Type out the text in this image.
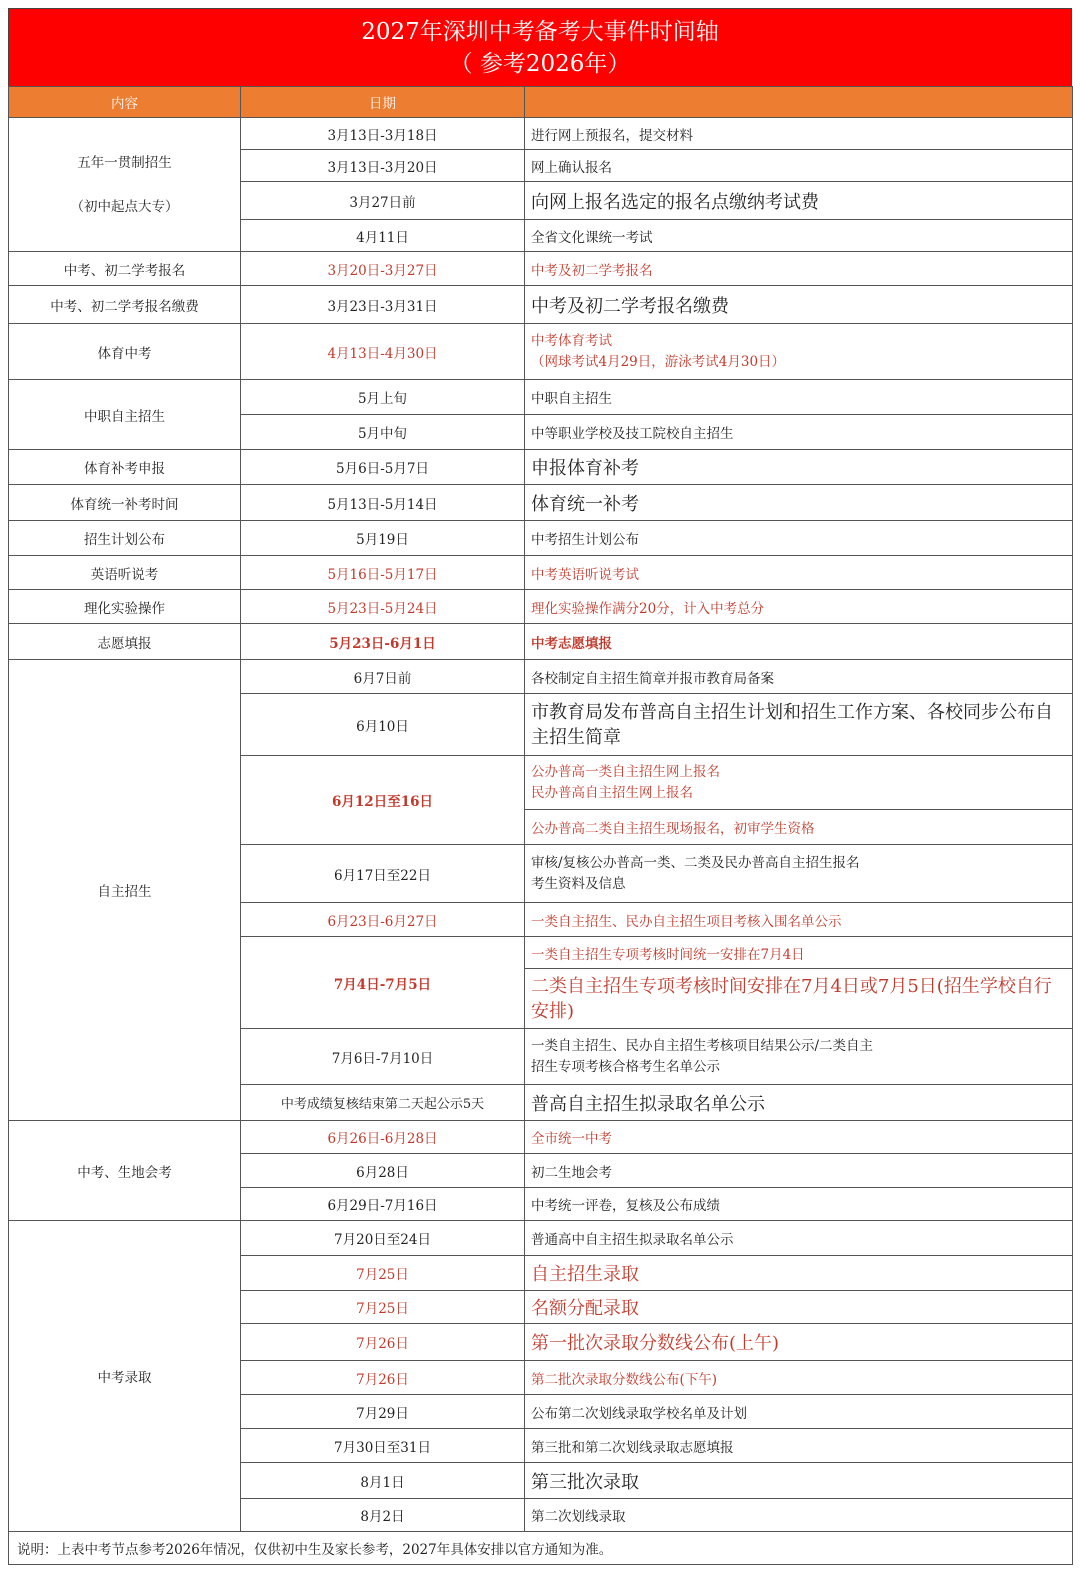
2027年深圳中考备考大事件时间轴
（ 参考2026年）
内容	日期	

五年一贯制招生
（初中起点大专）	3月13日-3月18日	进行网上预报名，提交材料
	3月13日-3月20日	网上确认报名
	3月27日前	向网上报名选定的报名点缴纳考试费
	4月11日	全省文化课统一考试
中考、初二学考报名	3月20日-3月27日	中考及初二学考报名
中考、初二学考报名缴费	3月23日-3月31日	中考及初二学考报名缴费
体育中考	4月13日-4月30日	中考体育考试
（网球考试4月29日，游泳考试4月30日）

中职自主招生	5月上旬	中职自主招生
	5月中旬	中等职业学校及技工院校自主招生
体育补考申报	5月6日-5月7日	申报体育补考
体育统一补考时间	5月13日-5月14日	体育统一补考
招生计划公布	5月19日	中考招生计划公布
英语听说考	5月16日-5月17日	中考英语听说考试
理化实验操作	5月23日-5月24日	理化实验操作满分20分，计入中考总分
志愿填报	5月23日-6月1日	中考志愿填报
自主招生	6月7日前	各校制定自主招生简章并报市教育局备案
	6月10日	市教育局发布普高自主招生计划和招生工作方案、各校同步公布自主招生简章
	6月12日至16日	公办普高一类自主招生网上报名
民办普高自主招生网上报名

		公办普高二类自主招生现场报名，初审学生资格
	6月17日至22日	审核/复核公办普高一类、二类及民办普高自主招生报名
考生资料及信息

	6月23日-6月27日	一类自主招生、民办自主招生项目考核入围名单公示
	7月4日-7月5日	一类自主招生专项考核时间统一安排在7月4日
		二类自主招生专项考核时间安排在7月4日或7月5日(招生学校自行安排)
	7月6日-7月10日	一类自主招生、民办自主招生考核项目结果公示/二类自主
招生专项考核合格考生名单公示

	中考成绩复核结束第二天起公示5天	普高自主招生拟录取名单公示
中考、生地会考	6月26日-6月28日	全市统一中考
	6月28日	初二生地会考
	6月29日-7月16日	中考统一评卷，复核及公布成绩
中考录取	7月20日至24日	普通高中自主招生拟录取名单公示
	7月25日	自主招生录取
	7月25日	名额分配录取
	7月26日	第一批次录取分数线公布(上午)
	7月26日	第二批次录取分数线公布(下午)
	7月29日	公布第二次划线录取学校名单及计划
	7月30日至31日	第三批和第二次划线录取志愿填报
	8月1日	第三批次录取
	8月2日	第二次划线录取
说明：上表中考节点参考2026年情况，仅供初中生及家长参考，2027年具体安排以官方通知为准。		
